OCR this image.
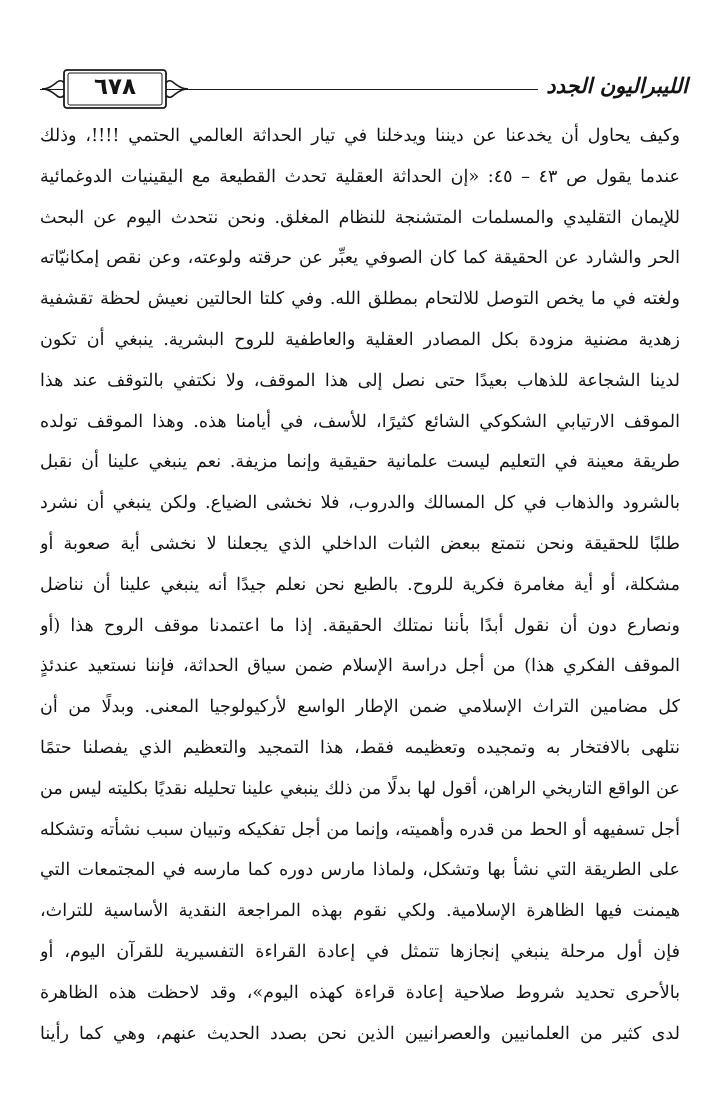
٦٧٨	الليبراليون الجدد
وكيف يحاول أن يخدعنا عن ديننا ويدخلنا في تيار الحداثة العالمي الحتمي !!!!، وذلك
عندما يقول ص ٤٣ – ٤٥: «إن الحداثة العقلية تحدث القطيعة مع اليقينيات الدوغمائية
للإيمان التقليدي والمسلمات المتشنجة للنظام المغلق. ونحن نتحدث اليوم عن البحث
الحر والشارد عن الحقيقة كما كان الصوفي يعبِّر عن حرقته ولوعته، وعن نقص إمكانيّاته
ولغته في ما يخص التوصل للالتحام بمطلق الله. وفي كلتا الحالتين نعيش لحظة تقشفية
زهدية مضنية مزودة بكل المصادر العقلية والعاطفية للروح البشرية. ينبغي أن تكون
لدينا الشجاعة للذهاب بعيدًا حتى نصل إلى هذا الموقف، ولا نكتفي بالتوقف عند هذا
الموقف الارتيابي الشكوكي الشائع كثيرًا، للأسف، في أيامنا هذه. وهذا الموقف تولده
طريقة معينة في التعليم ليست علمانية حقيقية وإنما مزيفة. نعم ينبغي علينا أن نقبل
بالشرود والذهاب في كل المسالك والدروب، فلا نخشى الضياع. ولكن ينبغي أن نشرد
طلبًا للحقيقة ونحن نتمتع ببعض الثبات الداخلي الذي يجعلنا لا نخشى أية صعوبة أو
مشكلة، أو أية مغامرة فكرية للروح. بالطبع نحن نعلم جيدًا أنه ينبغي علينا أن نناضل
ونصارع دون أن نقول أبدًا بأننا نمتلك الحقيقة. إذا ما اعتمدنا موقف الروح هذا (أو
الموقف الفكري هذا) من أجل دراسة الإسلام ضمن سياق الحداثة، فإننا نستعيد عندئذٍ
كل مضامين التراث الإسلامي ضمن الإطار الواسع لأركيولوجيا المعنى. وبدلًا من أن
نتلهى بالافتخار به وتمجيده وتعظيمه فقط، هذا التمجيد والتعظيم الذي يفصلنا حتمًا
عن الواقع التاريخي الراهن، أقول لها بدلًا من ذلك ينبغي علينا تحليله نقديًا بكليته ليس من
أجل تسفيهه أو الحط من قدره وأهميته، وإنما من أجل تفكيكه وتبيان سبب نشأته وتشكله
على الطريقة التي نشأ بها وتشكل، ولماذا مارس دوره كما مارسه في المجتمعات التي
هيمنت فيها الظاهرة الإسلامية. ولكي نقوم بهذه المراجعة النقدية الأساسية للتراث،
فإن أول مرحلة ينبغي إنجازها تتمثل في إعادة القراءة التفسيرية للقرآن اليوم، أو
بالأحرى تحديد شروط صلاحية إعادة قراءة كهذه اليوم»، وقد لاحظت هذه الظاهرة
لدى كثير من العلمانيين والعصرانيين الذين نحن بصدد الحديث عنهم، وهي كما رأينا
